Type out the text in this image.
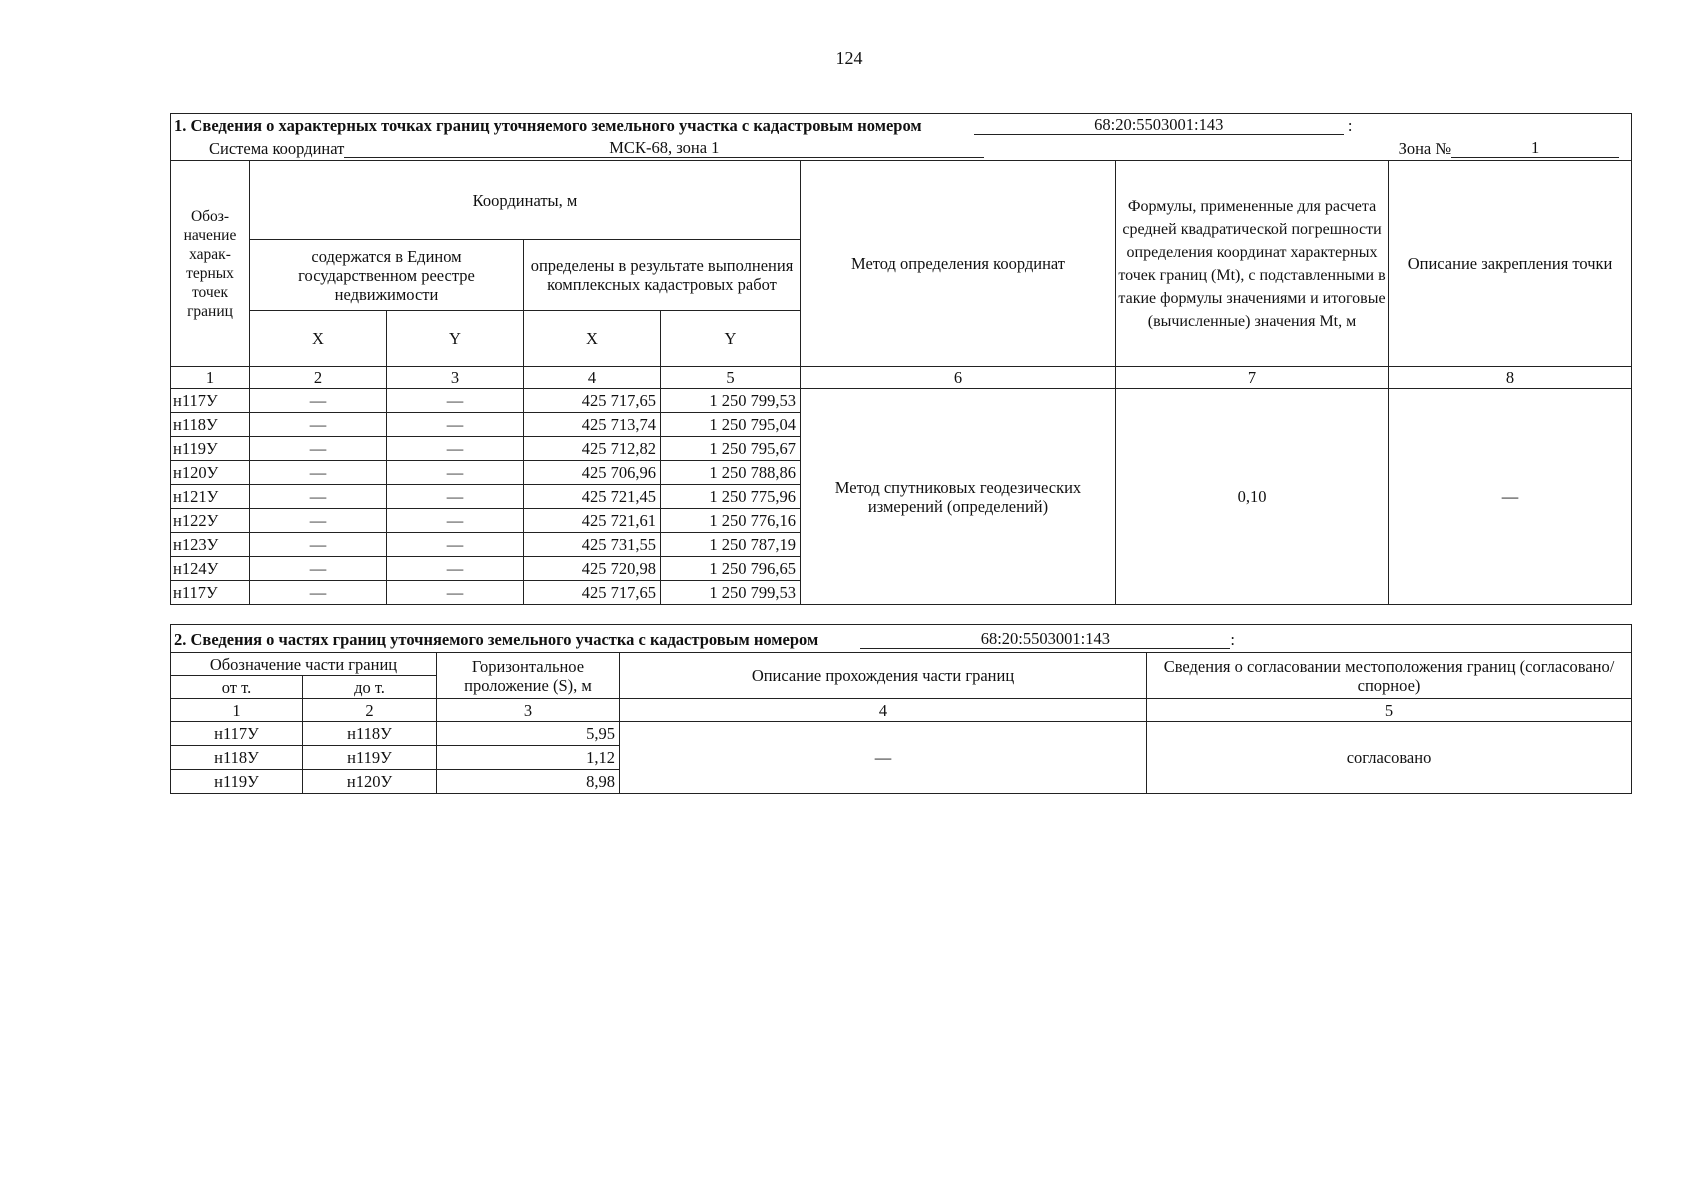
124
1. Сведения о характерных точках границ уточняемого земельного участка с кадастровым номером 68:20:5503001:143 :							
Система координат МСК-68, зона 1 Зона № 1							

Обоз-начение харак-терных точек границ	Координаты, м				Метод определения координат	Формулы, примененные для расчета средней квадратической погрешности определения координат характерных точек границ (Mt), с подставленными в такие формулы значениями и итоговые (вычисленные) значения Mt, м	Описание закрепления точки
	содержатся в Едином государственном реестре недвижимости		определены в результате выполнения комплексных кадастровых работ				
	X	Y	X	Y			
1	2	3	4	5	6	7	8
н117У	—	—	425 717,65	1 250 799,53	Метод спутниковых геодезических измерений (определений)	0,10	—
н118У	—	—	425 713,74	1 250 795,04			
н119У	—	—	425 712,82	1 250 795,67			
н120У	—	—	425 706,96	1 250 788,86			
н121У	—	—	425 721,45	1 250 775,96			
н122У	—	—	425 721,61	1 250 776,16			
н123У	—	—	425 731,55	1 250 787,19			
н124У	—	—	425 720,98	1 250 796,65			
н117У	—	—	425 717,65	1 250 799,53			
2. Сведения о частях границ уточняемого земельного участка с кадастровым номером 68:20:5503001:143 :				
Обозначение части границ		Горизонтальное проложение (S), м	Описание прохождения части границ	Сведения о согласовании местоположения границ (согласовано/спорное)
от т.	до т.			
1	2	3	4	5
н117У	н118У	5,95	—	согласовано
н118У	н119У	1,12		
н119У	н120У	8,98		
